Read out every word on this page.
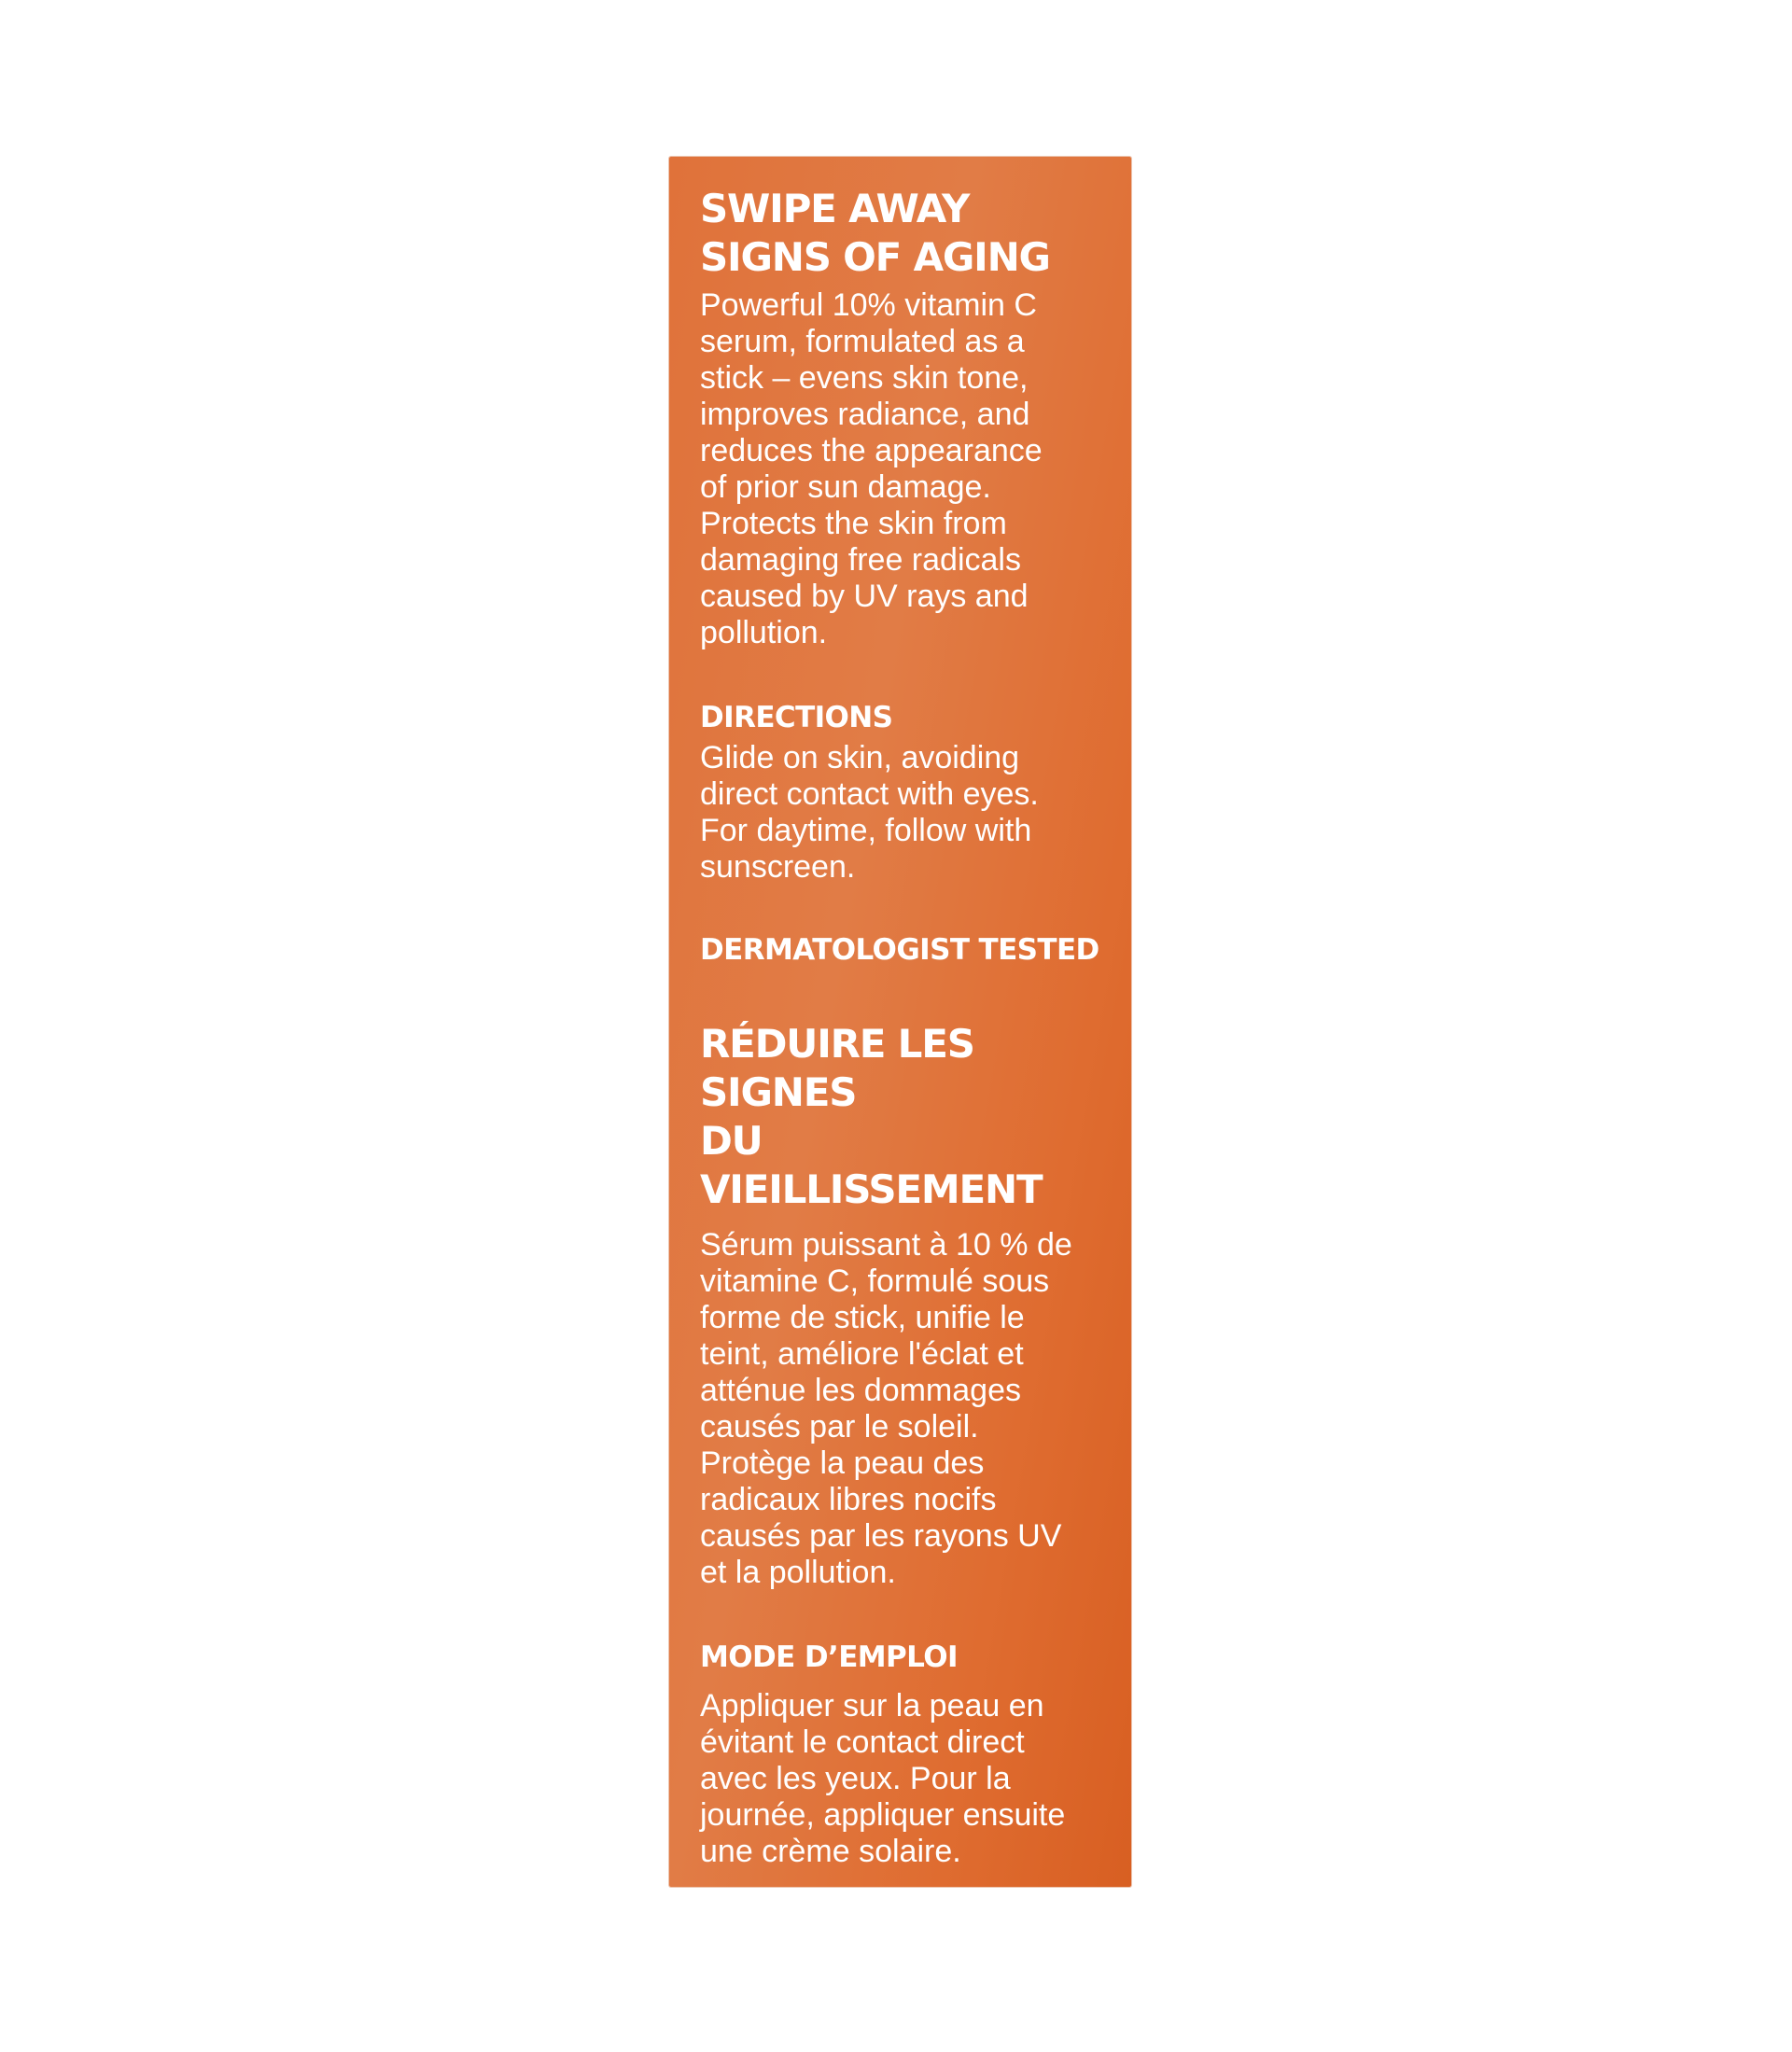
SWIPE AWAY
SIGNS OF AGING

Powerful 10% vitamin C
serum, formulated as a
stick – evens skin tone,
improves radiance, and
reduces the appearance
of prior sun damage.
Protects the skin from
damaging free radicals
caused by UV rays and
pollution.

DIRECTIONS

Glide on skin, avoiding
direct contact with eyes.
For daytime, follow with
sunscreen.

DERMATOLOGIST TESTED
RÉDUIRE LES SIGNES
DU VIEILLISSEMENT

Sérum puissant à 10 % de
vitamine C, formulé sous
forme de stick, unifie le
teint, améliore l'éclat et
atténue les dommages
causés par le soleil.
Protège la peau des
radicaux libres nocifs
causés par les rayons UV
et la pollution.

MODE D’EMPLOI

Appliquer sur la peau en
évitant le contact direct
avec les yeux. Pour la
journée, appliquer ensuite
une crème solaire.

DERMO-TESTÉ
